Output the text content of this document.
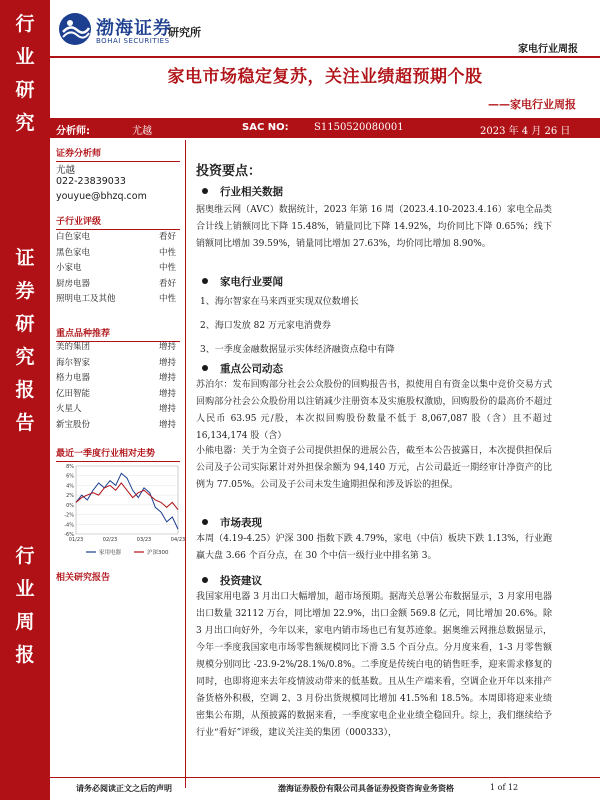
行
业
研
究
证
券
研
究
报
告
行
业
周
报
渤海证券
BOHAI SECURITIES
研究所
家电行业周报
家电市场稳定复苏，关注业绩超预期个股
——家电行业周报
分析师:	尤越	SAC NO:	S1150520080001	2023 年 4 月 26 日
证券分析师
尤越
022-23839033
youyue@bhzq.com
子行业评级
白色家电	看好
黑色家电	中性
小家电	中性
厨房电器	看好
照明电工及其他	中性
重点品种推荐
美的集团	增持
海尔智家	增持
格力电器	增持
亿田智能	增持
火星人	增持
新宝股份	增持
最近一季度行业相对走势
8%
6%
4%
2%
0%
-2%
-4%
-6%
01/23	02/23	03/23	04/23
家用电器	沪深300
相关研究报告
投资要点：
行业相关数据
据奥维云网（AVC）数据统计，2023 年第 16 周（2023.4.10-2023.4.16）家电全品类合计线上销额同比下降 15.48%，销量同比下降 14.92%，均价同比下降 0.65%；线下销额同比增加 39.59%，销量同比增加 27.63%，均价同比增加 8.90%。
家电行业要闻
1、海尔智家在马来西亚实现双位数增长
2、海口发放 82 万元家电消费券
3、一季度金融数据显示实体经济融资点稳中有降
重点公司动态
苏泊尔：发布回购部分社会公众股份的回购报告书，拟使用自有资金以集中竞价交易方式回购部分社会公众股份用以注销减少注册资本及实施股权激励，回购股份的最高价不超过人民币 63.95 元/股，本次拟回购股份数量不低于 8,067,087 股（含）且不超过 16,134,174 股（含）
小熊电器：关于为全资子公司提供担保的进展公告，截至本公告披露日，本次提供担保后公司及子公司实际累计对外担保余额为 94,140 万元，占公司最近一期经审计净资产的比例为 77.05%。公司及子公司未发生逾期担保和涉及诉讼的担保。
市场表现
本周（4.19-4.25）沪深 300 指数下跌 4.79%，家电（中信）板块下跌 1.13%，行业跑赢大盘 3.66 个百分点，在 30 个中信一级行业中排名第 3。
投资建议
我国家用电器 3 月出口大幅增加，超市场预期。据海关总署公布数据显示，3 月家用电器出口数量 32112 万台，同比增加 22.9%，出口金额 569.8 亿元，同比增加 20.6%。除 3 月出口向好外，今年以来，家电内销市场也已有复苏迹象。据奥维云网推总数据显示，今年一季度我国家电市场零售额规模同比下滑 3.5 个百分点。分月度来看，1-3 月零售额规模分别同比 -23.9-2%/28.1%/0.8%。二季度是传统白电的销售旺季，迎来需求修复的同时，也即将迎来去年疫情波动带来的低基数。且从生产端来看，空调企业开年以来排产备货格外积极，空调 2、3 月份出货规模同比增加 41.5%和 18.5%。本周即将迎来业绩密集公布期，从预披露的数据来看，一季度家电企业业绩全稳回升。综上，我们继续给予行业“看好”评级，建议关注美的集团（000333），
请务必阅读正文之后的声明	渤海证券股份有限公司具备证券投资咨询业务资格	1 of 12
